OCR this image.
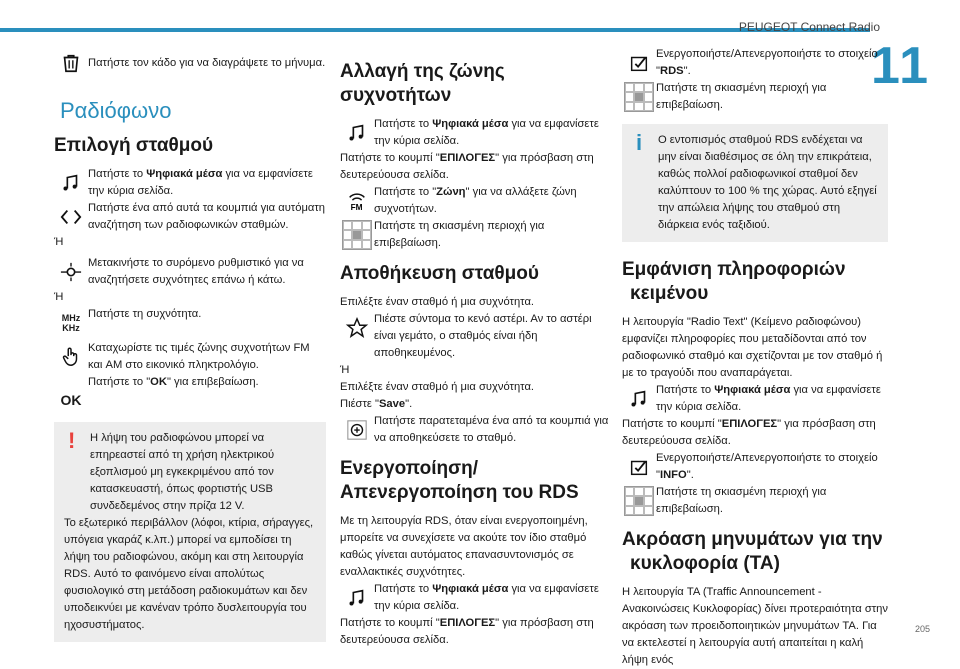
PEUGEOT Connect Radio
11
205
Πατήστε τον κάδο για να διαγράψετε το μήνυμα.
Ραδιόφωνο
Επιλογή σταθμού
Πατήστε το Ψηφιακά μέσα για να εμφανίσετε την κύρια σελίδα.
Πατήστε ένα από αυτά τα κουμπιά για αυτόματη αναζήτηση των ραδιοφωνικών σταθμών.
Ή
Μετακινήστε το συρόμενο ρυθμιστικό για να αναζητήσετε συχνότητες επάνω ή κάτω.
Ή
MHz
KHz
Πατήστε τη συχνότητα.
Καταχωρίστε τις τιμές ζώνης συχνοτήτων FM και AM στο εικονικό πληκτρολόγιο.
OK
Πατήστε το "OK" για επιβεβαίωση.
!	Η λήψη του ραδιοφώνου μπορεί να επηρεαστεί από τη χρήση ηλεκτρικού εξοπλισμού μη εγκεκριμένου από τον κατασκευαστή, όπως φορτιστής USB συνδεδεμένος στην πρίζα 12 V.
Το εξωτερικό περιβάλλον (λόφοι, κτίρια, σήραγγες, υπόγεια γκαράζ κ.λπ.) μπορεί να εμποδίσει τη λήψη του ραδιοφώνου, ακόμη και στη λειτουργία RDS. Αυτό το φαινόμενο είναι απολύτως φυσιολογικό στη μετάδοση ραδιοκυμάτων και δεν υποδεικνύει με κανέναν τρόπο δυσλειτουργία του ηχοσυστήματος.
Αλλαγή της ζώνης συχνοτήτων
Πατήστε το Ψηφιακά μέσα για να εμφανίσετε την κύρια σελίδα.
Πατήστε το κουμπί "ΕΠΙΛΟΓΕΣ" για πρόσβαση στη δευτερεύουσα σελίδα.
FM
Πατήστε το "Ζώνη" για να αλλάξετε ζώνη συχνοτήτων.
Πατήστε τη σκιασμένη περιοχή για επιβεβαίωση.
Αποθήκευση σταθμού
Επιλέξτε έναν σταθμό ή μια συχνότητα.
Πιέστε σύντομα το κενό αστέρι. Αν το αστέρι είναι γεμάτο, ο σταθμός είναι ήδη αποθηκευμένος.
Ή
Επιλέξτε έναν σταθμό ή μια συχνότητα.
Πιέστε "Save".
Πατήστε παρατεταμένα ένα από τα κουμπιά για να αποθηκεύσετε το σταθμό.
Ενεργοποίηση/
Απενεργοποίηση του RDS
Με τη λειτουργία RDS, όταν είναι ενεργοποιημένη, μπορείτε να συνεχίσετε να ακούτε τον ίδιο σταθμό καθώς γίνεται αυτόματος επανασυντονισμός σε εναλλακτικές συχνότητες.
Πατήστε το Ψηφιακά μέσα για να εμφανίσετε την κύρια σελίδα.
Πατήστε το κουμπί "ΕΠΙΛΟΓΕΣ" για πρόσβαση στη δευτερεύουσα σελίδα.
Ενεργοποιήστε/Απενεργοποιήστε το στοιχείο "RDS".
Πατήστε τη σκιασμένη περιοχή για επιβεβαίωση.
i	Ο εντοπισμός σταθμού RDS ενδέχεται να μην είναι διαθέσιμος σε όλη την επικράτεια, καθώς πολλοί ραδιοφωνικοί σταθμοί δεν καλύπτουν το 100 % της χώρας. Αυτό εξηγεί την απώλεια λήψης του σταθμού στη διάρκεια ενός ταξιδιού.
Εμφάνιση πληροφοριών
κειμένου
Η λειτουργία "Radio Text" (Κείμενο ραδιοφώνου) εμφανίζει πληροφορίες που μεταδίδονται από τον ραδιοφωνικό σταθμό και σχετίζονται με τον σταθμό ή με το τραγούδι που αναπαράγεται.
Πατήστε το Ψηφιακά μέσα για να εμφανίσετε την κύρια σελίδα.
Πατήστε το κουμπί "ΕΠΙΛΟΓΕΣ" για πρόσβαση στη δευτερεύουσα σελίδα.
Ενεργοποιήστε/Απενεργοποιήστε το στοιχείο "INFO".
Πατήστε τη σκιασμένη περιοχή για επιβεβαίωση.
Ακρόαση μηνυμάτων για την
κυκλοφορία (TA)
Η λειτουργία TA (Traffic Announcement - Ανακοινώσεις Κυκλοφορίας) δίνει προτεραιότητα στην ακρόαση των προειδοποιητικών μηνυμάτων TA. Για να εκτελεστεί η λειτουργία αυτή απαιτείται η καλή λήψη ενός
